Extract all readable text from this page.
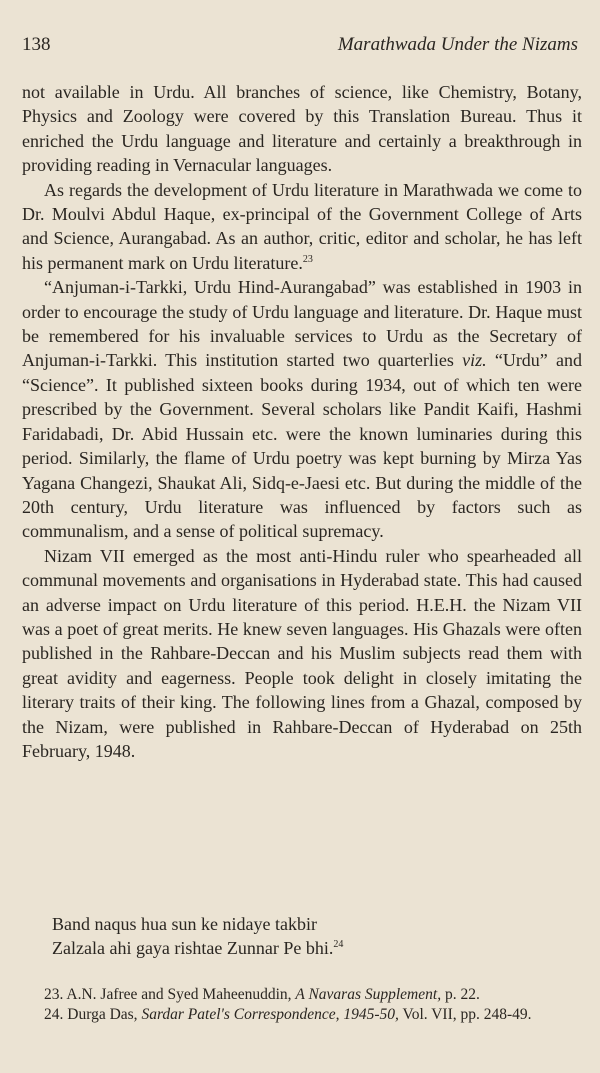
138	Marathwada Under the Nizams

not available in Urdu. All branches of science, like Chemistry, Botany, Physics and Zoology were covered by this Translation Bureau. Thus it enriched the Urdu language and literature and certainly a breakthrough in providing reading in Vernacular languages.

As regards the development of Urdu literature in Marathwada we come to Dr. Moulvi Abdul Haque, ex-principal of the Government College of Arts and Science, Aurangabad. As an author, critic, editor and scholar, he has left his permanent mark on Urdu literature.$^{23}$

“Anjuman-i-Tarkki, Urdu Hind-Aurangabad” was established in 1903 in order to encourage the study of Urdu language and literature. Dr. Haque must be remembered for his invaluable services to Urdu as the Secretary of Anjuman-i-Tarkki. This institution started two quarterlies viz. “Urdu” and “Science”. It published sixteen books during 1934, out of which ten were prescribed by the Government. Several scholars like Pandit Kaifi, Hashmi Faridabadi, Dr. Abid Hussain etc. were the known luminaries during this period. Similarly, the flame of Urdu poetry was kept burning by Mirza Yas Yagana Changezi, Shaukat Ali, Sidq-e-Jaesi etc. But during the middle of the 20th century, Urdu literature was influenced by factors such as communalism, and a sense of political supremacy.

Nizam VII emerged as the most anti-Hindu ruler who spearheaded all communal movements and organisations in Hyderabad state. This had caused an adverse impact on Urdu literature of this period. H.E.H. the Nizam VII was a poet of great merits. He knew seven languages. His Ghazals were often published in the Rahbare-Deccan and his Muslim subjects read them with great avidity and eagerness. People took delight in closely imitating the literary traits of their king. The following lines from a Ghazal, composed by the Nizam, were published in Rahbare-Deccan of Hyderabad on 25th February, 1948.

Band naqus hua sun ke nidaye takbir
Zalzala ahi gaya rishtae Zunnar Pe bhi.$^{24}$

23. A.N. Jafree and Syed Maheenuddin, A Navaras Supplement, p. 22.

24. Durga Das, Sardar Patel's Correspondence, 1945-50, Vol. VII, pp. 248-49.
